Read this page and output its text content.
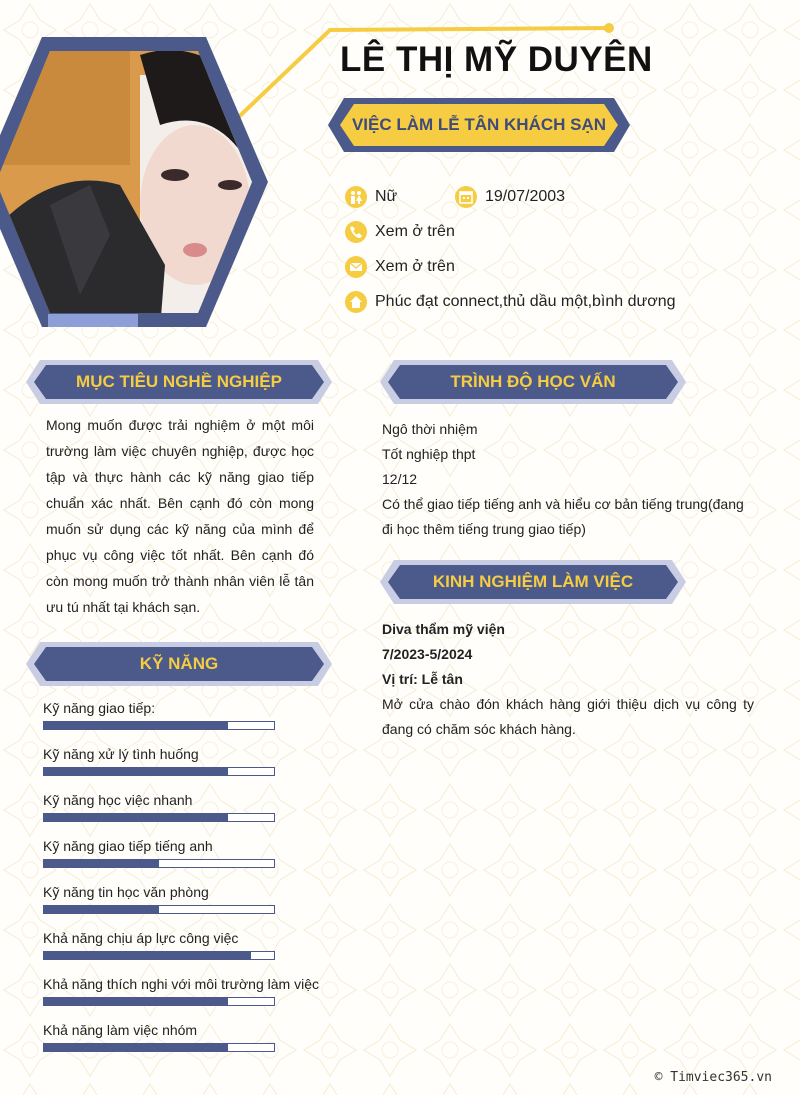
LÊ THỊ MỸ DUYÊN
VIỆC LÀM LỄ TÂN KHÁCH SẠN
Nữ	19/07/2003
Xem ở trên
Xem ở trên
Phúc đạt connect,thủ dầu một,bình dương
MỤC TIÊU NGHỀ NGHIỆP
Mong muốn được trải nghiệm ở một môi trường làm việc chuyên nghiệp, được học tập và thực hành các kỹ năng giao tiếp chuẩn xác nhất. Bên cạnh đó còn mong muốn sử dụng các kỹ năng của mình để phục vụ công việc tốt nhất. Bên cạnh đó còn mong muốn trở thành nhân viên lễ tân ưu tú nhất tại khách sạn.
KỸ NĂNG
Kỹ năng giao tiếp:
Kỹ năng xử lý tình huống
Kỹ năng học việc nhanh
Kỹ năng giao tiếp tiếng anh
Kỹ năng tin học văn phòng
Khả năng chịu áp lực công việc
Khả năng thích nghi với môi trường làm việc
Khả năng làm việc nhóm
TRÌNH ĐỘ HỌC VẤN
Ngô thời nhiệm
Tốt nghiệp thpt
12/12
Có thể giao tiếp tiếng anh và hiểu cơ bản tiếng trung(đang đi học thêm tiếng trung giao tiếp)
KINH NGHIỆM LÀM VIỆC
Diva thẩm mỹ viện
7/2023-5/2024
Vị trí: Lễ tân
Mở cửa chào đón khách hàng giới thiệu dịch vụ công ty đang có chăm sóc khách hàng.
© Timviec365.vn
